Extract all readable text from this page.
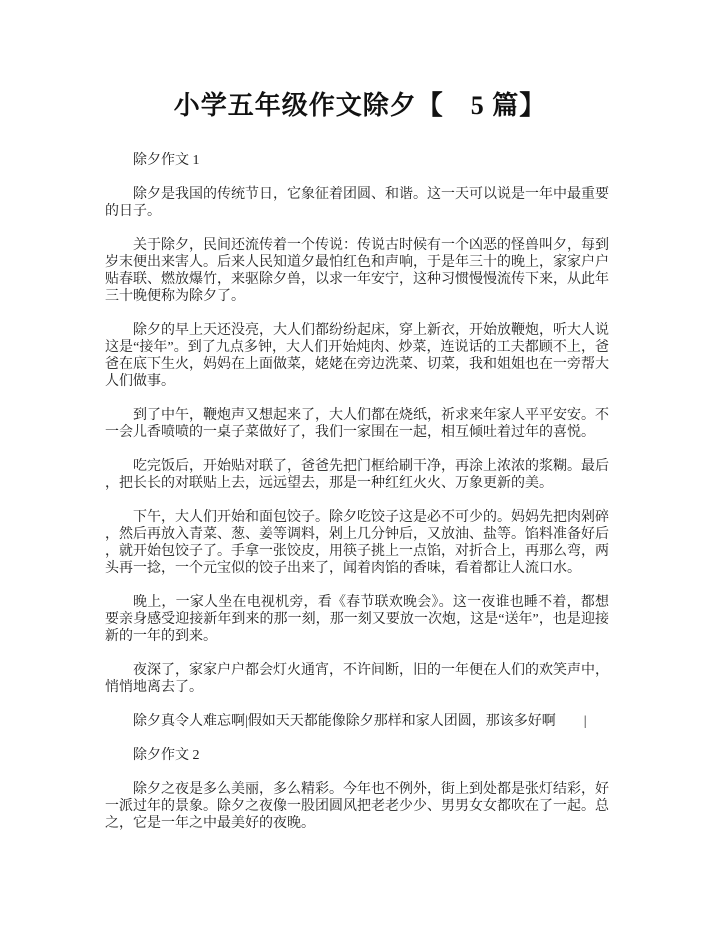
小学五年级作文除夕【　5 篇】

除夕作文 1

除夕是我国的传统节日，它象征着团圆、和谐。这一天可以说是一年中最重要的日子。

关于除夕，民间还流传着一个传说：传说古时候有一个凶恶的怪兽叫夕，每到岁末便出来害人。后来人民知道夕最怕红色和声响，于是年三十的晚上，家家户户贴春联、燃放爆竹，来驱除夕兽，以求一年安宁，这种习惯慢慢流传下来，从此年三十晚便称为除夕了。

除夕的早上天还没亮，大人们都纷纷起床，穿上新衣，开始放鞭炮，听大人说这是“接年”。到了九点多钟，大人们开始炖肉、炒菜，连说话的工夫都顾不上，爸爸在底下生火，妈妈在上面做菜，姥姥在旁边洗菜、切菜，我和姐姐也在一旁帮大人们做事。

到了中午，鞭炮声又想起来了，大人们都在烧纸，祈求来年家人平平安安。不一会儿香喷喷的一桌子菜做好了，我们一家围在一起，相互倾吐着过年的喜悦。

吃完饭后，开始贴对联了，爸爸先把门框给刷干净，再涂上浓浓的浆糊。最后，把长长的对联贴上去，远远望去，那是一种红红火火、万象更新的美。

下午，大人们开始和面包饺子。除夕吃饺子这是必不可少的。妈妈先把肉剁碎，然后再放入青菜、葱、姜等调料，剁上几分钟后，又放油、盐等。馅料准备好后，就开始包饺子了。手拿一张饺皮，用筷子挑上一点馅，对折合上，再那么弯，两头再一捻，一个元宝似的饺子出来了，闻着肉馅的香味，看着都让人流口水。

晚上，一家人坐在电视机旁，看《春节联欢晚会》。这一夜谁也睡不着，都想要亲身感受迎接新年到来的那一刻，那一刻又要放一次炮，这是“送年”，也是迎接新的一年的到来。

夜深了，家家户户都会灯火通宵，不许间断，旧的一年便在人们的欢笑声中，悄悄地离去了。

除夕真令人难忘啊|假如天天都能像除夕那样和家人团圆，那该多好啊　　|

除夕作文 2

除夕之夜是多么美丽，多么精彩。今年也不例外，街上到处都是张灯结彩，好一派过年的景象。除夕之夜像一股团圆风把老老少少、男男女女都吹在了一起。总之，它是一年之中最美好的夜晚。
